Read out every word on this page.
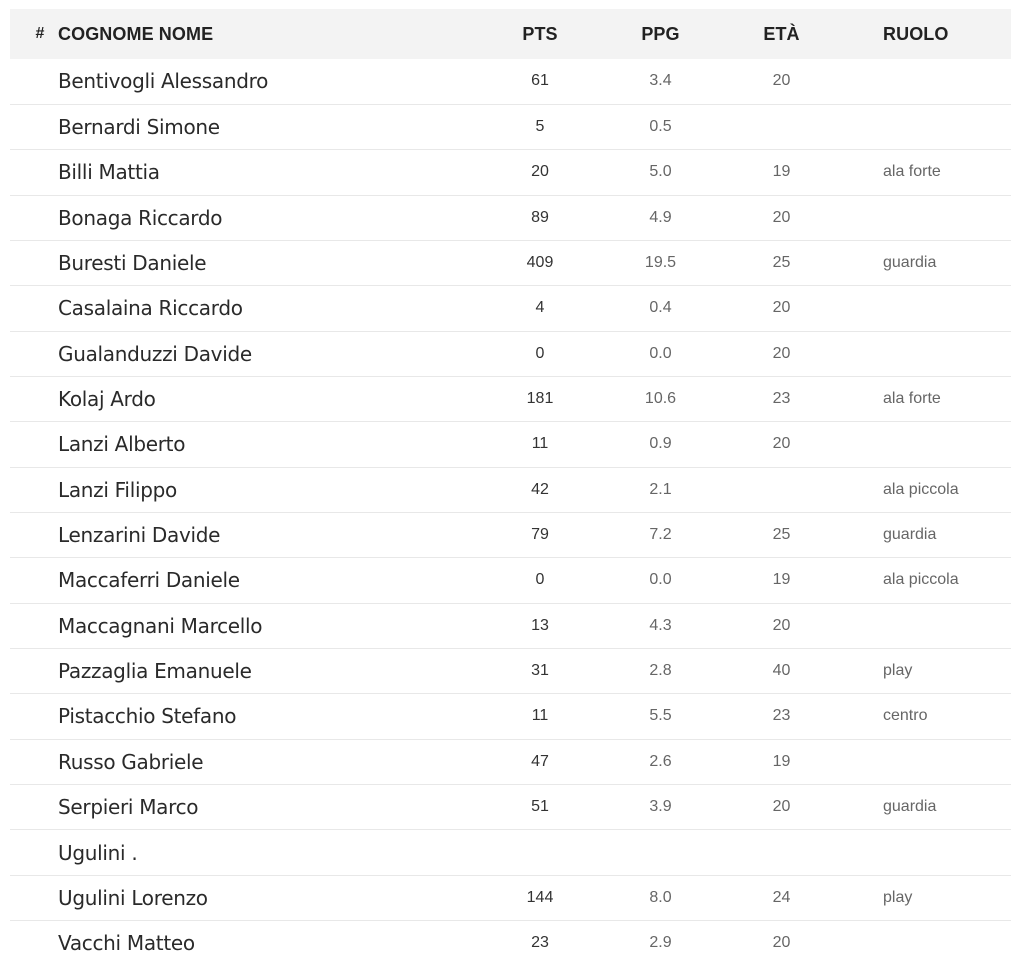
#	COGNOME NOME	PTS	PPG	ETÀ	RUOLO
	Bentivogli Alessandro	61	3.4	20	
	Bernardi Simone	5	0.5		
	Billi Mattia	20	5.0	19	ala forte
	Bonaga Riccardo	89	4.9	20	
	Buresti Daniele	409	19.5	25	guardia
	Casalaina Riccardo	4	0.4	20	
	Gualanduzzi Davide	0	0.0	20	
	Kolaj Ardo	181	10.6	23	ala forte
	Lanzi Alberto	11	0.9	20	
	Lanzi Filippo	42	2.1		ala piccola
	Lenzarini Davide	79	7.2	25	guardia
	Maccaferri Daniele	0	0.0	19	ala piccola
	Maccagnani Marcello	13	4.3	20	
	Pazzaglia Emanuele	31	2.8	40	play
	Pistacchio Stefano	11	5.5	23	centro
	Russo Gabriele	47	2.6	19	
	Serpieri Marco	51	3.9	20	guardia
	Ugulini .				
	Ugulini Lorenzo	144	8.0	24	play
	Vacchi Matteo	23	2.9	20	
